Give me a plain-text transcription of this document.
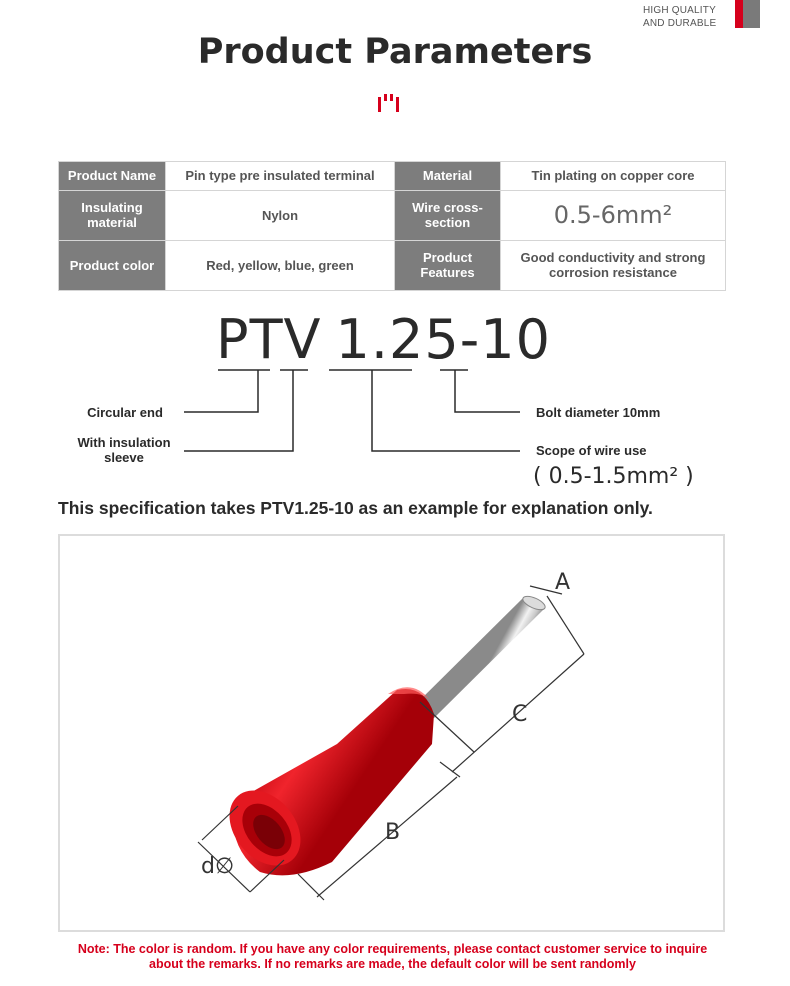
HIGH QUALITY
AND DURABLE
Product Parameters
Product Name	Pin type pre insulated terminal	Material	Tin plating on copper core
Insulating material	Nylon	Wire cross-section	0.5-6mm²
Product color	Red, yellow, blue, green	Product Features	Good conductivity and strong corrosion resistance
PTV 1.25-10
Circular end
With insulation sleeve
Bolt diameter 10mm
Scope of wire use
( 0.5-1.5mm² )
This specification takes PTV1.25-10 as an example for explanation only.
A
C
B
d∅
Note: The color is random. If you have any color requirements, please contact customer service to inquire about the remarks. If no remarks are made, the default color will be sent randomly
